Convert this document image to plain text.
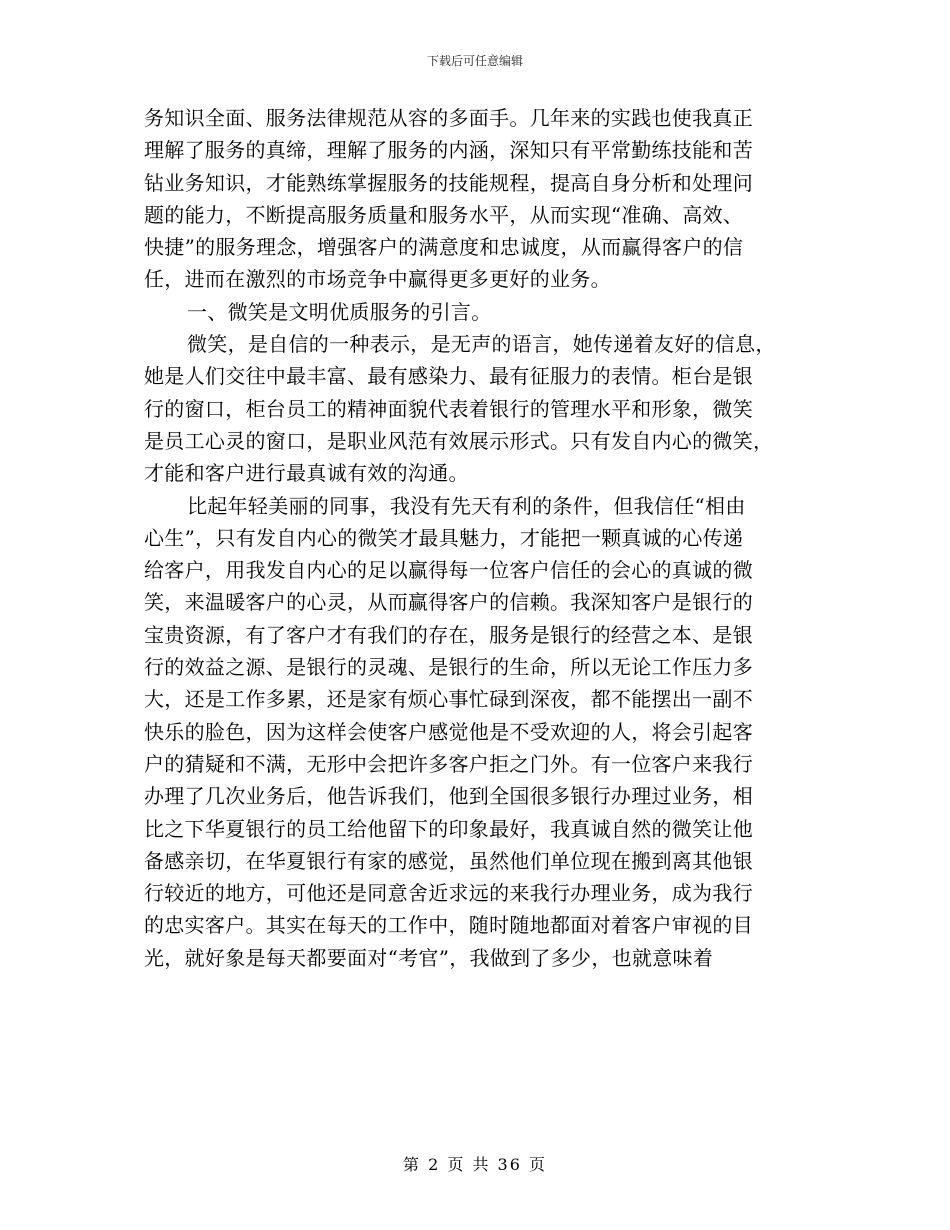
下载后可任意编辑
务知识全面、服务法律规范从容的多面手。几年来的实践也使我真正
理解了服务的真缔，理解了服务的内涵，深知只有平常勤练技能和苦
钻业务知识，才能熟练掌握服务的技能规程，提高自身分析和处理问
题的能力，不断提高服务质量和服务水平，从而实现“准确、高效、
快捷”的服务理念，增强客户的满意度和忠诚度，从而赢得客户的信
任，进而在激烈的市场竞争中赢得更多更好的业务。
一、微笑是文明优质服务的引言。
微笑，是自信的一种表示，是无声的语言，她传递着友好的信息，
她是人们交往中最丰富、最有感染力、最有征服力的表情。柜台是银
行的窗口，柜台员工的精神面貌代表着银行的管理水平和形象，微笑
是员工心灵的窗口，是职业风范有效展示形式。只有发自内心的微笑，
才能和客户进行最真诚有效的沟通。
比起年轻美丽的同事，我没有先天有利的条件，但我信任“相由
心生”，只有发自内心的微笑才最具魅力，才能把一颗真诚的心传递
给客户，用我发自内心的足以赢得每一位客户信任的会心的真诚的微
笑，来温暖客户的心灵，从而赢得客户的信赖。我深知客户是银行的
宝贵资源，有了客户才有我们的存在，服务是银行的经营之本、是银
行的效益之源、是银行的灵魂、是银行的生命，所以无论工作压力多
大，还是工作多累，还是家有烦心事忙碌到深夜，都不能摆出一副不
快乐的脸色，因为这样会使客户感觉他是不受欢迎的人，将会引起客
户的猜疑和不满，无形中会把许多客户拒之门外。有一位客户来我行
办理了几次业务后，他告诉我们，他到全国很多银行办理过业务，相
比之下华夏银行的员工给他留下的印象最好，我真诚自然的微笑让他
备感亲切，在华夏银行有家的感觉，虽然他们单位现在搬到离其他银
行较近的地方，可他还是同意舍近求远的来我行办理业务，成为我行
的忠实客户。其实在每天的工作中，随时随地都面对着客户审视的目
光，就好象是每天都要面对“考官”，我做到了多少，也就意味着
第 2 页 共 36 页
